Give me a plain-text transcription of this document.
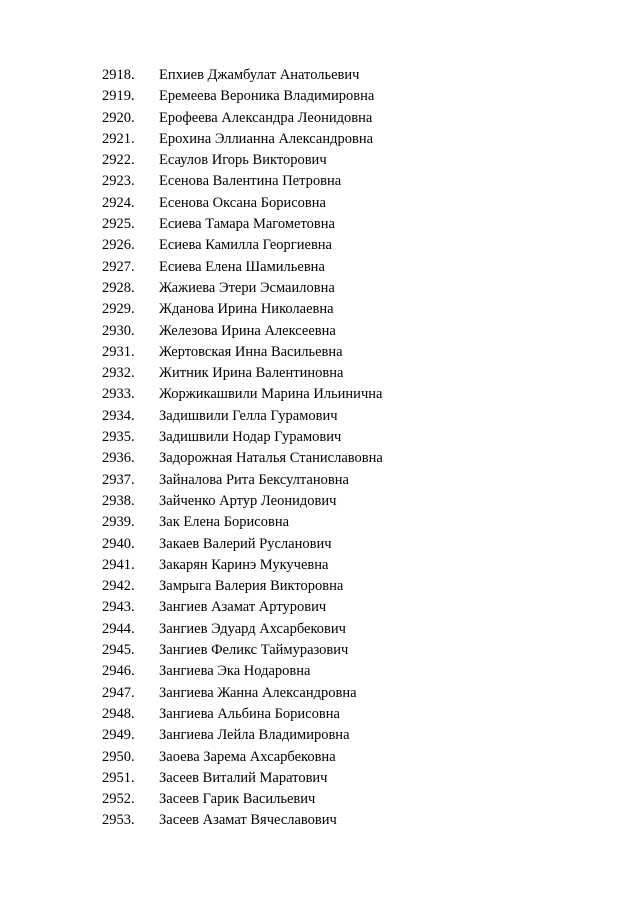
2918.	Епхиев Джамбулат Анатольевич
2919.	Еремеева Вероника Владимировна
2920.	Ерофеева Александра Леонидовна
2921.	Ерохина Эллианна Александровна
2922.	Есаулов Игорь Викторович
2923.	Есенова Валентина Петровна
2924.	Есенова Оксана Борисовна
2925.	Есиева Тамара Магометовна
2926.	Есиева Камилла Георгиевна
2927.	Есиева Елена Шамильевна
2928.	Жажиева Этери Эсмаиловна
2929.	Жданова Ирина Николаевна
2930.	Железова Ирина Алексеевна
2931.	Жертовская Инна Васильевна
2932.	Житник Ирина Валентиновна
2933.	Жоржикашвили Марина Ильинична
2934.	Задишвили Гелла Гурамович
2935.	Задишвили Нодар Гурамович
2936.	Задорожная Наталья Станиславовна
2937.	Зайналова Рита Бексултановна
2938.	Зайченко Артур Леонидович
2939.	Зак Елена Борисовна
2940.	Закаев Валерий Русланович
2941.	Закарян Каринэ Мукучевна
2942.	Замрыга Валерия Викторовна
2943.	Зангиев Азамат Артурович
2944.	Зангиев Эдуард Ахсарбекович
2945.	Зангиев Феликс Таймуразович
2946.	Зангиева Эка Нодаровна
2947.	Зангиева Жанна Александровна
2948.	Зангиева Альбина Борисовна
2949.	Зангиева Лейла Владимировна
2950.	Заоева Зарема Ахсарбековна
2951.	Засеев Виталий Маратович
2952.	Засеев Гарик Васильевич
2953.	Засеев Азамат Вячеславович
